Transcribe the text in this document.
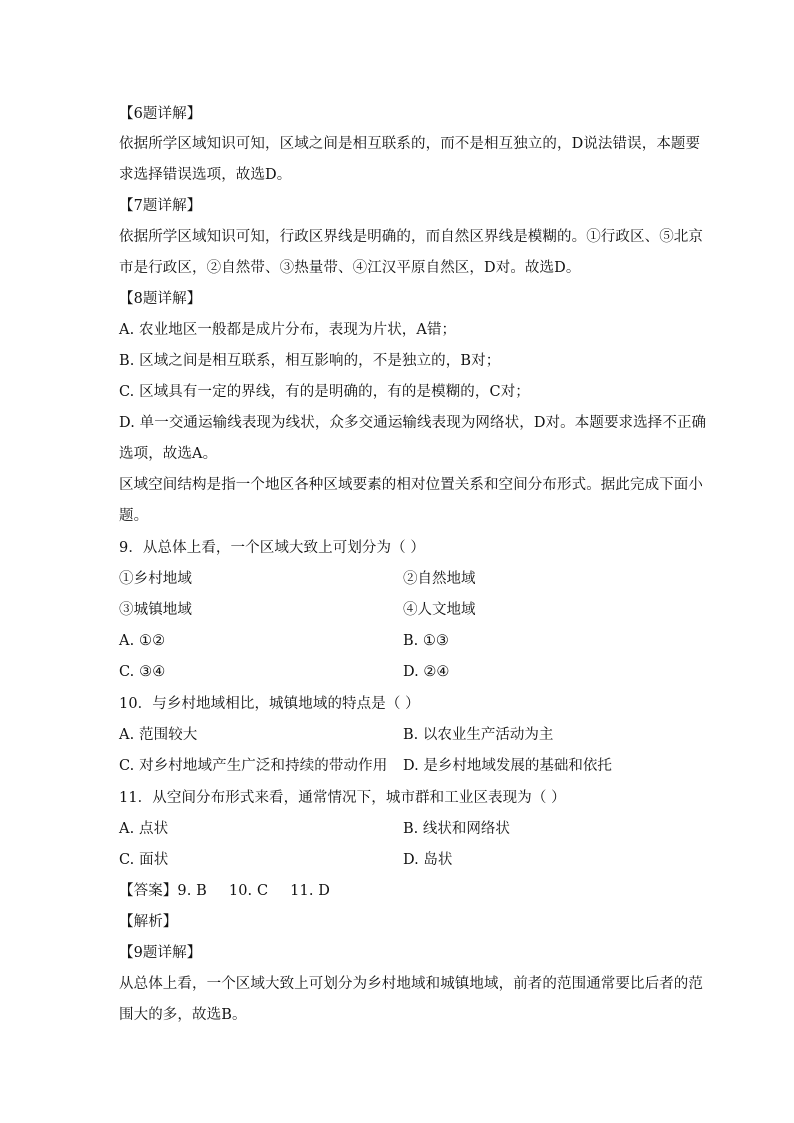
【6题详解】
依据所学区域知识可知，区域之间是相互联系的，而不是相互独立的，D说法错误，本题要
求选择错误选项，故选D。
【7题详解】
依据所学区域知识可知，行政区界线是明确的，而自然区界线是模糊的。①行政区、⑤北京
市是行政区，②自然带、③热量带、④江汉平原自然区，D对。故选D。
【8题详解】
A. 农业地区一般都是成片分布，表现为片状，A错；
B. 区域之间是相互联系，相互影响的，不是独立的，B对；
C. 区域具有一定的界线，有的是明确的，有的是模糊的，C对；
D. 单一交通运输线表现为线状，众多交通运输线表现为网络状，D对。本题要求选择不正确
选项，故选A。
区域空间结构是指一个地区各种区域要素的相对位置关系和空间分布形式。据此完成下面小
题。
9．从总体上看，一个区域大致上可划分为（ ）
①乡村地域	②自然地域
③城镇地域	④人文地域
A. ①②	B. ①③
C. ③④	D. ②④
10．与乡村地域相比，城镇地域的特点是（ ）
A. 范围较大	B. 以农业生产活动为主
C. 对乡村地域产生广泛和持续的带动作用 D. 是乡村地域发展的基础和依托
11．从空间分布形式来看，通常情况下，城市群和工业区表现为（ ）
A. 点状	B. 线状和网络状
C. 面状	D. 岛状
【答案】9. B 10. C 11. D
【解析】
【9题详解】
从总体上看，一个区域大致上可划分为乡村地域和城镇地域，前者的范围通常要比后者的范
围大的多，故选B。
